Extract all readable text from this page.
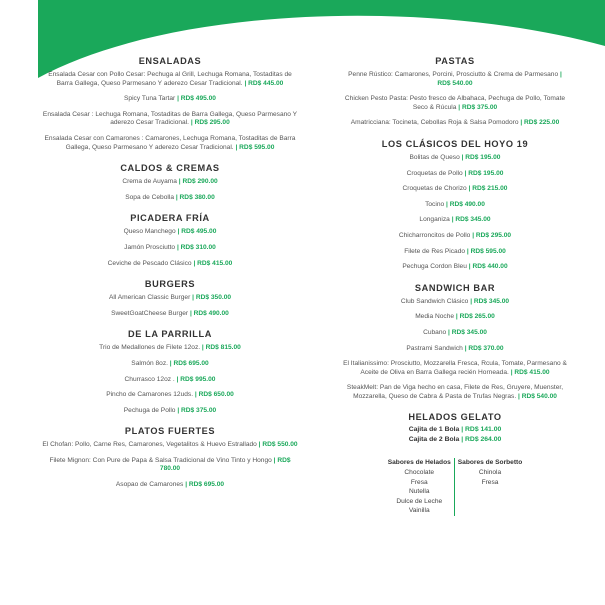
ENSALADAS
Ensalada Cesar con Pollo Cesar: Pechuga al Grill, Lechuga Romana, Tostaditas de Barra Gallega, Queso Parmesano Y aderezo Cesar Tradicional. | RD$ 445.00
Spicy Tuna Tartar | RD$ 495.00
Ensalada Cesar : Lechuga Romana, Tostaditas de Barra Gallega, Queso Parmesano Y aderezo Cesar Tradicional. | RD$ 295.00
Ensalada Cesar con Camarones : Camarones, Lechuga Romana, Tostaditas de Barra Gallega, Queso Parmesano Y aderezo Cesar Tradicional. | RD$ 595.00
CALDOS & CREMAS
Crema de Auyama | RD$ 290.00
Sopa de Cebolla | RD$ 380.00
PICADERA FRÍA
Queso Manchego | RD$ 495.00
Jamón Prosciutto | RD$ 310.00
Ceviche de Pescado Clásico | RD$ 415.00
BURGERS
All American Classic Burger | RD$ 350.00
SweetGoatCheese Burger | RD$ 490.00
DE LA PARRILLA
Trio de Medallones de Filete 12oz. | RD$ 815.00
Salmón 8oz. | RD$ 695.00
Churrasco 12oz . | RD$ 995.00
Pincho de Camarones 12uds. | RD$ 650.00
Pechuga de Pollo | RD$ 375.00
PLATOS FUERTES
El Chofan: Pollo, Carne Res, Camarones, Vegetalitos & Huevo Estrallado | RD$ 550.00
Filete Mignon: Con Pure de Papa & Salsa Tradicional de Vino Tinto y Hongo | RD$ 780.00
Asopao de Camarones | RD$ 695.00
PASTAS
Penne Rústico: Camarones, Porcini, Prosciutto & Crema de Parmesano | RD$ 540.00
Chicken Pesto Pasta: Pesto fresco de Albahaca, Pechuga de Pollo, Tomate Seco & Rúcula | RD$ 375.00
Amatricciana: Tocineta, Cebollas Roja & Salsa Pomodoro | RD$ 225.00
LOS CLÁSICOS DEL HOYO 19
Bolitas de Queso | RD$ 195.00
Croquetas de Pollo | RD$ 195.00
Croquetas de Chorizo | RD$ 215.00
Tocino | RD$ 490.00
Longaniza | RD$ 345.00
Chicharroncitos de Pollo | RD$ 295.00
Filete de Res Picado | RD$ 595.00
Pechuga Cordon Bleu | RD$ 440.00
SANDWICH BAR
Club Sandwich Clásico | RD$ 345.00
Media Noche | RD$ 265.00
Cubano | RD$ 345.00
Pastrami Sandwich | RD$ 370.00
El Italianissimo: Prosciutto, Mozzarella Fresca, Rcula, Tomate, Parmesano & Aceite de Oliva en Barra Gallega recién Horneada. | RD$ 415.00
SteakMelt: Pan de Viga hecho en casa, Filete de Res, Gruyere, Muenster, Mozzarella, Queso de Cabra & Pasta de Trufas Negras. | RD$ 540.00
HELADOS GELATO
Cajita de 1 Bola | RD$ 141.00
Cajita de 2 Bola | RD$ 264.00
Sabores de Helados
Chocolate
Fresa
Nutella
Dulce de Leche
Vainilla
Sabores de Sorbetto
Chinola
Fresa
